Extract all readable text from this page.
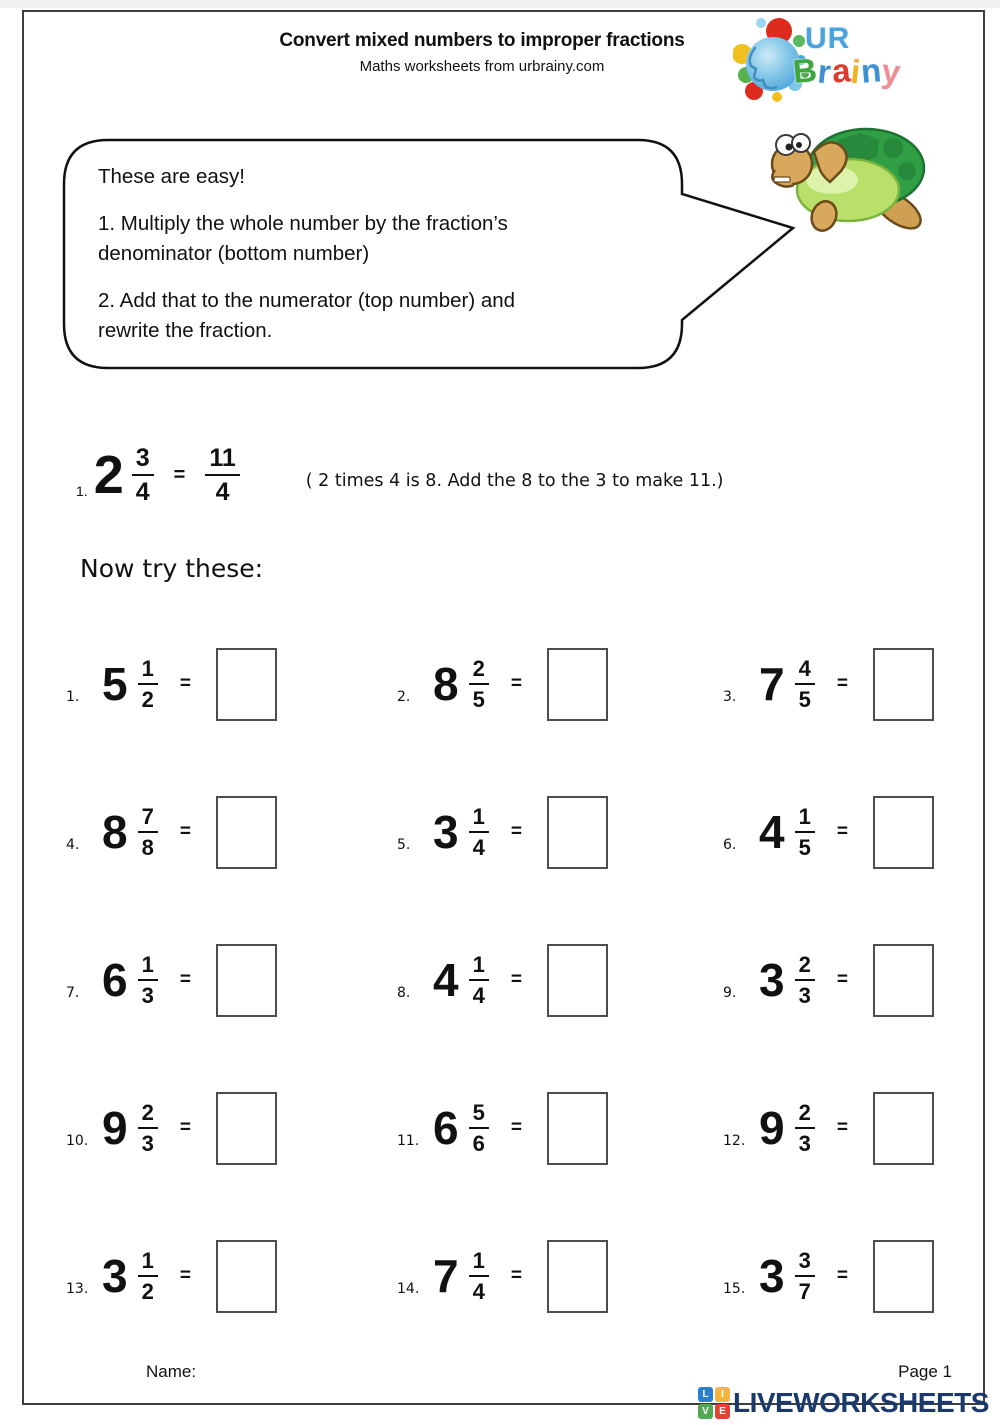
Convert mixed numbers to improper fractions
Maths worksheets from urbrainy.com
UR
Brainy

These are easy!

1. Multiply the whole number by the fraction’s
denominator (bottom number)

2. Add that to the numerator (top number) and
rewrite the fraction.

1. $2 \frac{3}{4} = \frac{11}{4}$	( 2 times 4 is 8. Add the 8 to the 3 to make 11.)
Now try these:
1. $5 \frac{1}{2}$ =
2. $8 \frac{2}{5}$ =
3. $7 \frac{4}{5}$ =
4. $8 \frac{7}{8}$ =
5. $3 \frac{1}{4}$ =
6. $4 \frac{1}{5}$ =
7. $6 \frac{1}{3}$ =
8. $4 \frac{1}{4}$ =
9. $3 \frac{2}{3}$ =
10. $9 \frac{2}{3}$ =
11. $6 \frac{5}{6}$ =
12. $9 \frac{2}{3}$ =
13. $3 \frac{1}{2}$ =
14. $7 \frac{1}{4}$ =
15. $3 \frac{3}{7}$ =
Name:	Page 1
L	I
V	E LIVEWORKSHEETS
